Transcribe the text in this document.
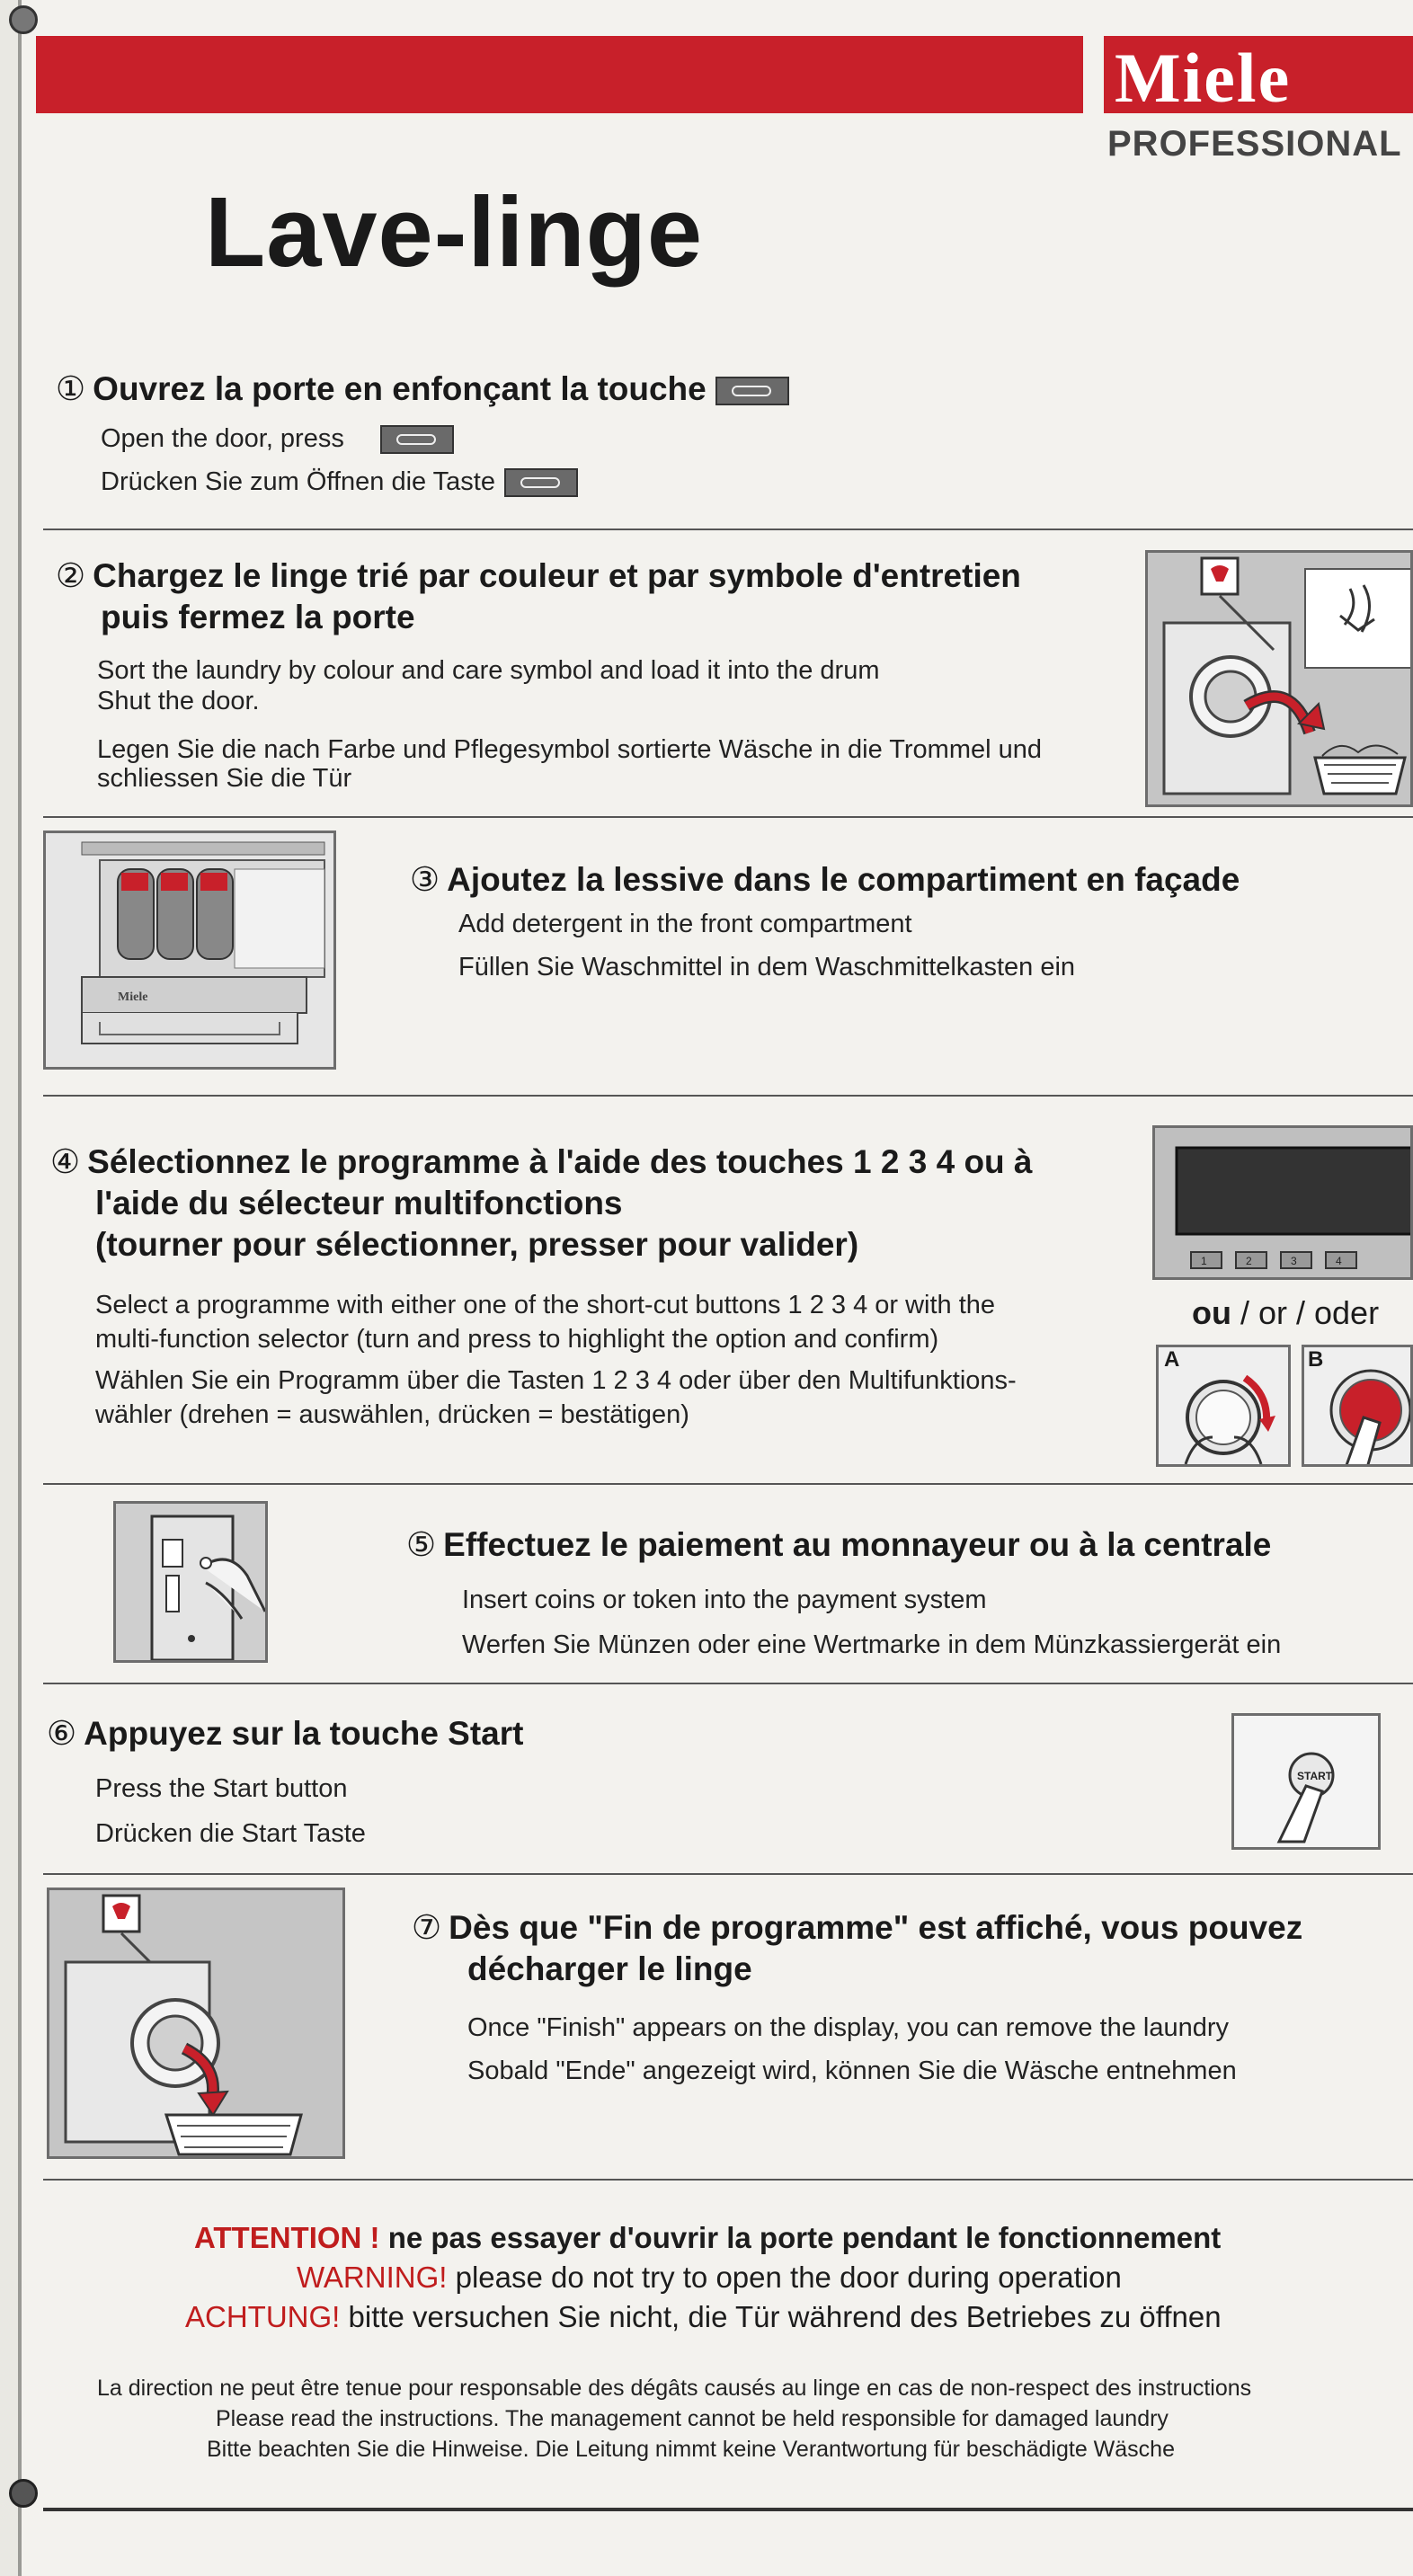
Miele
PROFESSIONAL
Lave-linge
① Ouvrez la porte en enfonçant la touche
Open the door, press
Drücken Sie zum Öffnen die Taste
② Chargez le linge trié par couleur et par symbole d'entretien
puis fermez la porte
Sort the laundry by colour and care symbol and load it into the drum
Shut the door.
Legen Sie die nach Farbe und Pflegesymbol sortierte Wäsche in die Trommel und
schliessen Sie die Tür
Miele
③ Ajoutez la lessive dans le compartiment en façade
Add detergent in the front compartment
Füllen Sie Waschmittel in dem Waschmittelkasten ein
④ Sélectionnez le programme à l'aide des touches 1 2 3 4 ou à
l'aide du sélecteur multifonctions
(tourner pour sélectionner, presser pour valider)
Select a programme with either one of the short-cut buttons 1 2 3 4 or with the
multi-function selector (turn and press to highlight the option and confirm)
Wählen Sie ein Programm über die Tasten 1 2 3 4 oder über den Multifunktions-
wähler (drehen = auswählen, drücken = bestätigen)
1	2	3	4
ou / or / oder
A	B
⑤ Effectuez le paiement au monnayeur ou à la centrale
Insert coins or token into the payment system
Werfen Sie Münzen oder eine Wertmarke in dem Münzkassiergerät ein
⑥ Appuyez sur la touche Start
Press the Start button
Drücken die Start Taste
START
⑦ Dès que "Fin de programme" est affiché, vous pouvez
décharger le linge
Once "Finish" appears on the display, you can remove the laundry
Sobald "Ende" angezeigt wird, können Sie die Wäsche entnehmen
ATTENTION ! ne pas essayer d'ouvrir la porte pendant le fonctionnement
WARNING! please do not try to open the door during operation
ACHTUNG! bitte versuchen Sie nicht, die Tür während des Betriebes zu öffnen
La direction ne peut être tenue pour responsable des dégâts causés au linge en cas de non-respect des instructions
Please read the instructions. The management cannot be held responsible for damaged laundry
Bitte beachten Sie die Hinweise. Die Leitung nimmt keine Verantwortung für beschädigte Wäsche
